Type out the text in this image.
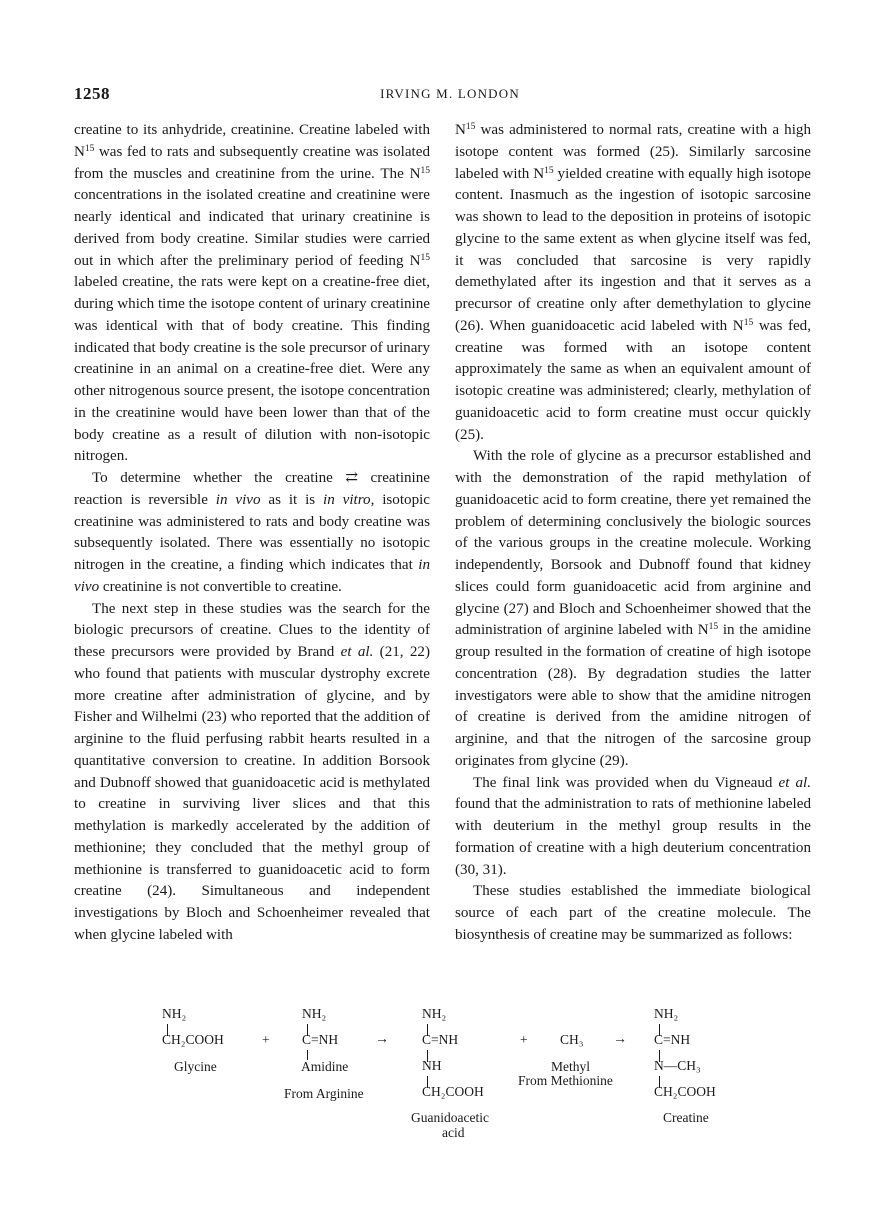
1258	IRVING M. LONDON

creatine to its anhydride, creatinine. Creatine labeled with $N^{15}$ was fed to rats and subsequently creatine was isolated from the muscles and creatinine from the urine. The $N^{15}$ concentrations in the isolated creatine and creatinine were nearly identical and indicated that urinary creatinine is derived from body creatine. Similar studies were carried out in which after the preliminary period of feeding $N^{15}$ labeled creatine, the rats were kept on a creatine-free diet, during which time the isotope content of urinary creatinine was identical with that of body creatine. This finding indicated that body creatine is the sole precursor of urinary creatinine in an animal on a creatine-free diet. Were any other nitrogenous source present, the isotope concentration in the creatinine would have been lower than that of the body creatine as a result of dilution with non-isotopic nitrogen.

To determine whether the creatine ⇄ creatinine reaction is reversible in vivo as it is in vitro, isotopic creatinine was administered to rats and body creatine was subsequently isolated. There was essentially no isotopic nitrogen in the creatine, a finding which indicates that in vivo creatinine is not convertible to creatine.

The next step in these studies was the search for the biologic precursors of creatine. Clues to the identity of these precursors were provided by Brand et al. (21, 22) who found that patients with muscular dystrophy excrete more creatine after administration of glycine, and by Fisher and Wilhelmi (23) who reported that the addition of arginine to the fluid perfusing rabbit hearts resulted in a quantitative conversion to creatine. In addition Borsook and Dubnoff showed that guanidoacetic acid is methylated to creatine in surviving liver slices and that this methylation is markedly accelerated by the addition of methionine; they concluded that the methyl group of methionine is transferred to guanidoacetic acid to form creatine (24). Simultaneous and independent investigations by Bloch and Schoenheimer revealed that when glycine labeled with

$N^{15}$ was administered to normal rats, creatine with a high isotope content was formed (25). Similarly sarcosine labeled with $N^{15}$ yielded creatine with equally high isotope content. Inasmuch as the ingestion of isotopic sarcosine was shown to lead to the deposition in proteins of isotopic glycine to the same extent as when glycine itself was fed, it was concluded that sarcosine is very rapidly demethylated after its ingestion and that it serves as a precursor of creatine only after demethylation to glycine (26). When guanidoacetic acid labeled with $N^{15}$ was fed, creatine was formed with an isotope content approximately the same as when an equivalent amount of isotopic creatine was administered; clearly, methylation of guanidoacetic acid to form creatine must occur quickly (25).

With the role of glycine as a precursor established and with the demonstration of the rapid methylation of guanidoacetic acid to form creatine, there yet remained the problem of determining conclusively the biologic sources of the various groups in the creatine molecule. Working independently, Borsook and Dubnoff found that kidney slices could form guanidoacetic acid from arginine and glycine (27) and Bloch and Schoenheimer showed that the administration of arginine labeled with $N^{15}$ in the amidine group resulted in the formation of creatine of high isotope concentration (28). By degradation studies the latter investigators were able to show that the amidine nitrogen of creatine is derived from the amidine nitrogen of arginine, and that the nitrogen of the sarcosine group originates from glycine (29).

The final link was provided when du Vigneaud et al. found that the administration to rats of methionine labeled with deuterium in the methyl group results in the formation of creatine with a high deuterium concentration (30, 31).

These studies established the immediate biological source of each part of the creatine molecule. The biosynthesis of creatine may be summarized as follows:

NH₂
CH₂COOH
Glycine
+
NH₂
C=NH
Amidine
From Arginine
→
NH₂
C=NH
NH
CH₂COOH
Guanidoacetic
acid
+ CH₃
Methyl
From Methionine
→
NH₂
C=NH
N—CH₃
CH₂COOH
Creatine
